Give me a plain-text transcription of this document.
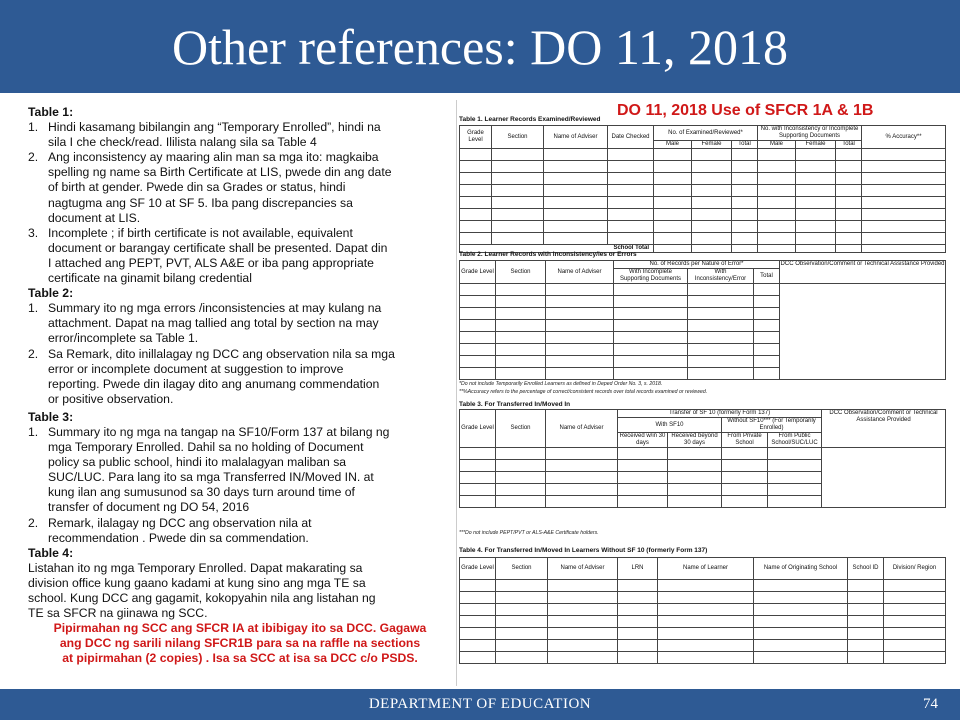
Other references: DO 11, 2018

Table 1:

1. Hindi kasamang bibilangin ang “Temporary Enrolled”, hindi na

sila I che check/read. Ililista nalang sila sa Table 4

2. Ang inconsistency ay maaring alin man sa mga ito: magkaiba

spelling ng name sa Birth Certificate at LIS, pwede din ang date

of birth at gender. Pwede din sa Grades or status, hindi

nagtugma ang SF 10 at SF 5. Iba pang discrepancies sa

document at LIS.

3. Incomplete ; if birth certificate is not available, equivalent

document or barangay certificate shall be presented. Dapat din

I attached ang PEPT, PVT, ALS A&E or iba pang appropriate

certificate na ginamit bilang credential

Table 2:

1. Summary ito ng mga errors /inconsistencies at may kulang na

attachment. Dapat na mag tallied ang total by section na may

error/incomplete sa Table 1.

2. Sa Remark, dito inillalagay ng DCC ang observation nila sa mga

error or incomplete document at suggestion to improve

reporting. Pwede din ilagay dito ang anumang commendation

or positive observation.

Table 3:

1. Summary ito ng mga na tangap na SF10/Form 137 at bilang ng

mga Temporary Enrolled. Dahil sa no holding of Document

policy sa public school, hindi ito malalagyan maliban sa

SUC/LUC. Para lang ito sa mga Transferred IN/Moved IN. at

kung ilan ang sumusunod sa 30 days turn around time of

transfer of document ng DO 54, 2016

2. Remark, ilalagay ng DCC ang observation nila at

recommendation . Pwede din sa commendation.

Table 4:

Listahan ito ng mga Temporary Enrolled. Dapat makarating sa

division office kung gaano kadami at kung sino ang mga TE sa

school. Kung DCC ang gagamit, kokopyahin nila ang listahan ng

TE sa SFCR na giinawa ng SCC.

Pipirmahan ng SCC ang SFCR IA at ibibigay ito sa DCC. Gagawa

ang DCC ng sarili nilang SFCR1B para sa na raffle na sections

at pipirmahan (2 copies) . Isa sa SCC at isa sa DCC c/o PSDS.

DO 11, 2018 Use of SFCR 1A & 1B
Table 1. Learner Records Examined/Reviewed
Grade Level	Section	Name of Adviser	Date Checked	No. of Examined/Reviewed*			No. with Inconsistency or Incomplete Supporting Documents			% Accuracy**
				Male	Female	Total	Male	Female	Total	

School Total										
Table 2. Learner Records with Inconsistency/ies or Errors
Grade Level	Section	Name of Adviser	No. of Records per Nature of Error*			DCC Observation/Comment or Technical Assistance Provided
			With Incomplete Supporting Documents	With Inconsistency/Error	Total	

*Do not include Temporarily Enrolled Learners as defined in Deped Order No. 3, s. 2018.
**%Accuracy refers to the percentage of correct/consistent records over total records examined or reviewed.
Table 3. For Transferred In/Moved In
Grade Level	Section	Name of Adviser	Transfer of SF 10 (formerly Form 137)				DCC Observation/Comment or Technical Assistance Provided
			With SF10		Without SF10*** (For Temporarily Enrolled)		
			Received w/in 30 days	Received beyond 30 days	From Private School	From Public School/SUC/LUC	

***Do not include PEPT/PVT or ALS-A&E Certificate holders.
Table 4. For Transferred In/Moved In Learners Without SF 10 (formerly Form 137)
Grade Level	Section	Name of Adviser	LRN	Name of Learner	Name of Originating School	School ID	Division/ Region

DEPARTMENT OF EDUCATION	74
